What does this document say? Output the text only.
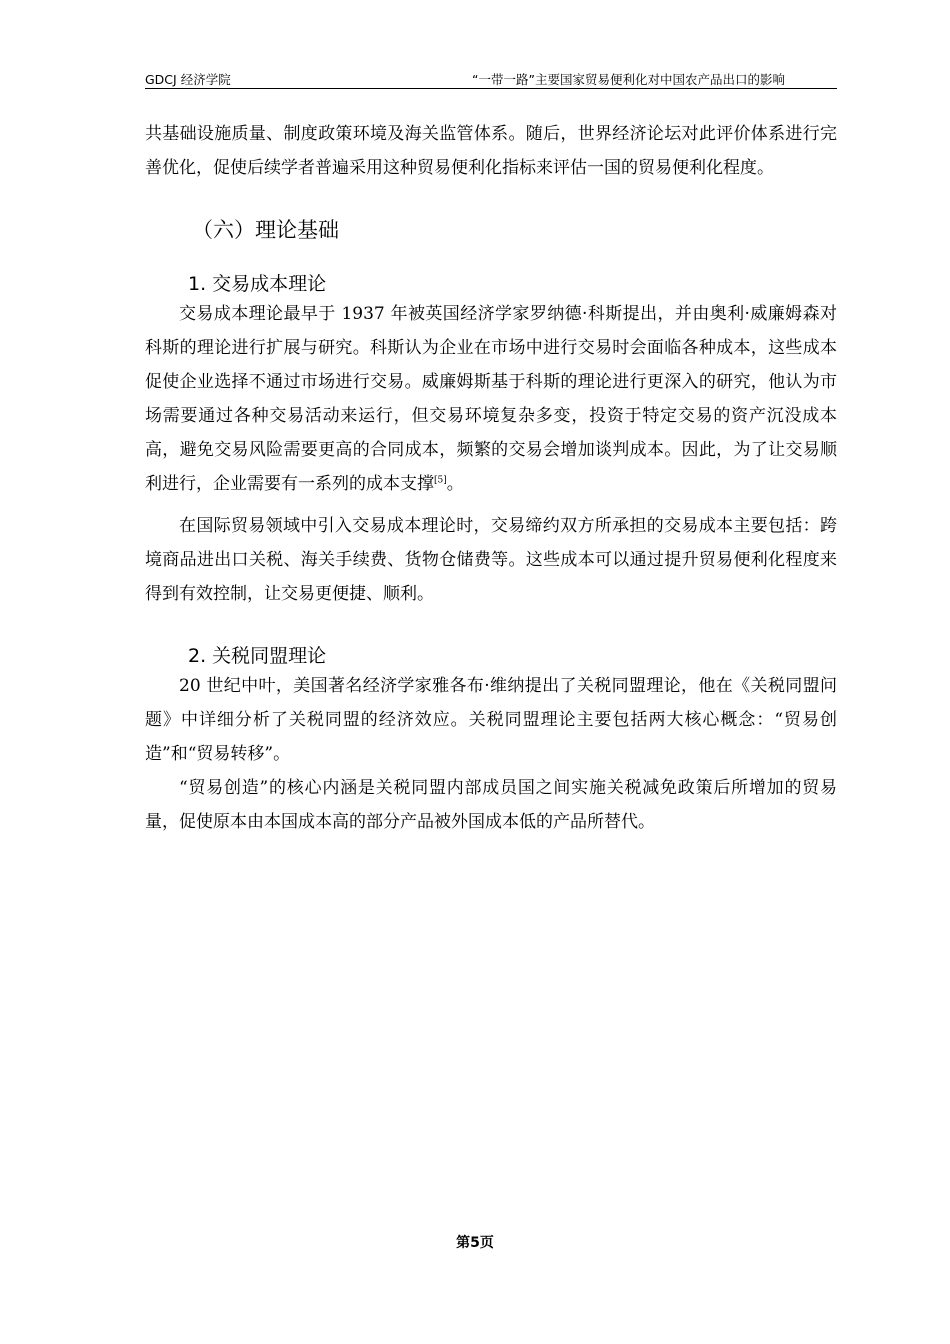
GDCJ 经济学院	“一带一路”主要国家贸易便利化对中国农产品出口的影响

共基础设施质量、制度政策环境及海关监管体系。随后，世界经济论坛对此评价体系进行完善优化，促使后续学者普遍采用这种贸易便利化指标来评估一国的贸易便利化程度。

（六）理论基础
1. 交易成本理论

交易成本理论最早于 1937 年被英国经济学家罗纳德·科斯提出，并由奥利·威廉姆森对科斯的理论进行扩展与研究。科斯认为企业在市场中进行交易时会面临各种成本，这些成本促使企业选择不通过市场进行交易。威廉姆斯基于科斯的理论进行更深入的研究，他认为市场需要通过各种交易活动来运行，但交易环境复杂多变，投资于特定交易的资产沉没成本高，避免交易风险需要更高的合同成本，频繁的交易会增加谈判成本。因此，为了让交易顺利进行，企业需要有一系列的成本支撑[5]。

在国际贸易领域中引入交易成本理论时，交易缔约双方所承担的交易成本主要包括：跨境商品进出口关税、海关手续费、货物仓储费等。这些成本可以通过提升贸易便利化程度来得到有效控制，让交易更便捷、顺利。

2. 关税同盟理论

20 世纪中叶，美国著名经济学家雅各布·维纳提出了关税同盟理论，他在《关税同盟问题》中详细分析了关税同盟的经济效应。关税同盟理论主要包括两大核心概念：“贸易创造”和“贸易转移”。

“贸易创造”的核心内涵是关税同盟内部成员国之间实施关税减免政策后所增加的贸易量，促使原本由本国成本高的部分产品被外国成本低的产品所替代。

第5页
